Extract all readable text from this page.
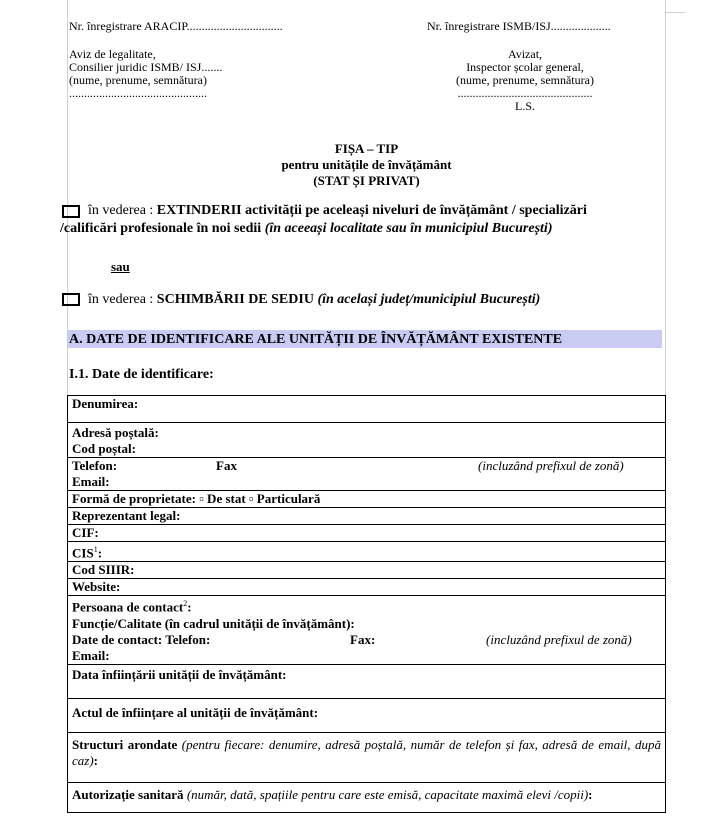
Nr. înregistrare ARACIP................................	Nr. înregistrare ISMB/ISJ....................
Aviz de legalitate,
Consilier juridic ISMB/ ISJ.......
(nume, prenume, semnătura)
..............................................
Avizat,
Inspector școlar general,
(nume, prenume, semnătura)
.............................................
L.S.
FIȘA – TIP
pentru unitățile de învățământ
(STAT ȘI PRIVAT)
în vederea : EXTINDERII activității pe aceleași niveluri de învățământ / specializări
/calificări profesionale în noi sedii (în aceeași localitate sau în municipiul București)
sau
în vederea : SCHIMBĂRII DE SEDIU (în același județ/municipiul București)
A. DATE DE IDENTIFICARE ALE UNITĂȚII DE ÎNVĂȚĂMÂNT EXISTENTE
I.1. Date de identificare:
Denumirea:

Adresă poștală:
Cod poștal:

Telefon:	Fax	(incluzând prefixul de zonă)
Email:

Formă de proprietate: ▫ De stat ▫ Particulară
Reprezentant legal:
CIF:
CIS$^1$:
Cod SIIIR:
Website:

Persoana de contact$^2$:
Funcție/Calitate (în cadrul unității de învățământ):
Date de contact: Telefon:	Fax:	(incluzând prefixul de zonă)
Email:

Data înființării unității de învățământ:
Actul de înființare al unității de învățământ:
Structuri arondate (pentru fiecare: denumire, adresă poștală, număr de telefon și fax, adresă de email, după caz):
Autorizație sanitară (număr, dată, spațiile pentru care este emisă, capacitate maximă elevi /copii):
